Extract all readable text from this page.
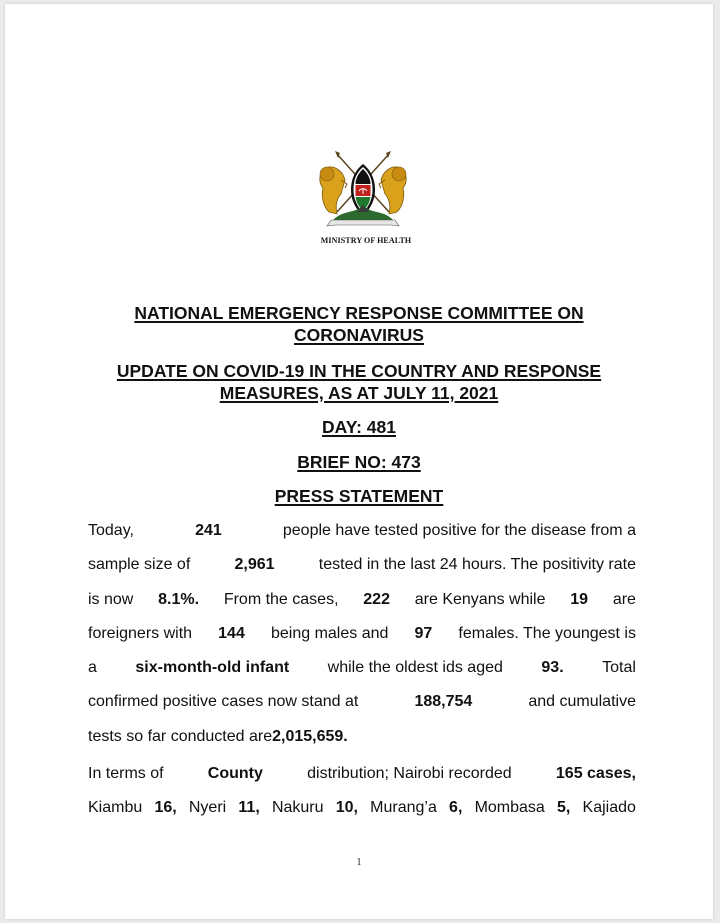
MINISTRY OF HEALTH

NATIONAL EMERGENCY RESPONSE COMMITTEE ON

CORONAVIRUS

UPDATE ON COVID-19 IN THE COUNTRY AND RESPONSE

MEASURES, AS AT JULY 11, 2021

DAY: 481

BRIEF NO: 473

PRESS STATEMENT

Today,	241	people have tested positive for the disease from a
sample size of	2,961	tested in the last 24 hours. The positivity rate
is now 8.1%. From the cases, 222 are Kenyans while 19 are
foreigners with 144 being males and 97 females. The youngest is
a six-month-old infant while the oldest ids aged 93. Total
confirmed positive cases now stand at	188,754	and cumulative
tests so far conducted are 2,015,659.
In terms of	County	distribution; Nairobi recorded	165 cases,
Kiambu 16, Nyeri 11, Nakuru 10, Murang’a 6, Mombasa 5, Kajiado
1
